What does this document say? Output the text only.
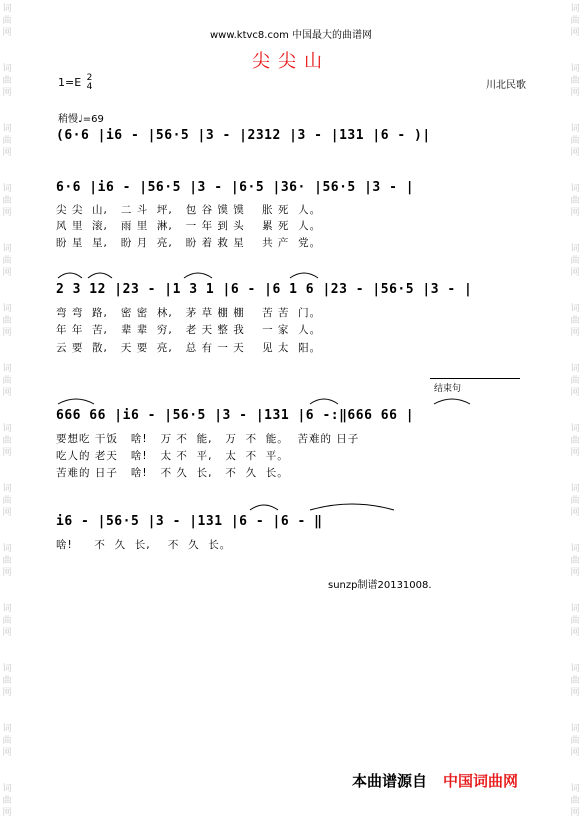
词
曲
网
词
曲
网
词
曲
网
词
曲
网
词
曲
网
词
曲
网
词
曲
网
词
曲
网
词
曲
网
词
曲
网
词
曲
网
词
曲
网
词
曲
网
词
曲
网
词
曲
网
词
曲
网
词
曲
网
词
曲
网
词
曲
网
词
曲
网
词
曲
网
词
曲
网
词
曲
网
词
曲
网
词
曲
网
词
曲
网
词
曲
网
词
曲
网
www.ktvc8.com 中国最大的曲谱网
尖尖山
1=E 2
4	川北民歌
稍慢♩=69
(6·6 |i6 - |56·5 |3 - |2312 |3 - |131 |6 - )|
6·6 |i6 - |56·5 |3 - |6·5 |36· |56·5 |3 - |
尖 尖  山,   二 斗  坪,   包 谷 馍 馍    胀 死  人。
风 里  滚,   雨 里  淋,   一 年 到 头    累 死  人。
盼 星  星,   盼 月  亮,   盼 着 救 星    共 产  党。
2 3 12 |23 - |1 3 1 |6 - |6 1 6 |23 - |56·5 |3 - |
弯 弯  路,   密 密  林,   茅 草 棚 棚    苦 苦  门。
年 年  苦,   辈 辈  穷,   老 天 整 我    一 家  人。
云 要  散,   天 要  亮,   总 有 一 天    见 太  阳。
结束句
666 66 |i6 - |56·5 |3 - |131 |6 -:‖666 66 |
要想吃 干饭   啥!   万 不  能,   万  不  能。  苦难的 日子
吃人的 老天   啥!   太 不  平,   太  不  平。
苦难的 日子   啥!   不 久  长,   不  久  长。
i6 - |56·5 |3 - |131 |6 - |6 - ‖
啥!     不  久  长,    不  久  长。
sunzp制谱20131008.
本曲谱源自 中国词曲网
